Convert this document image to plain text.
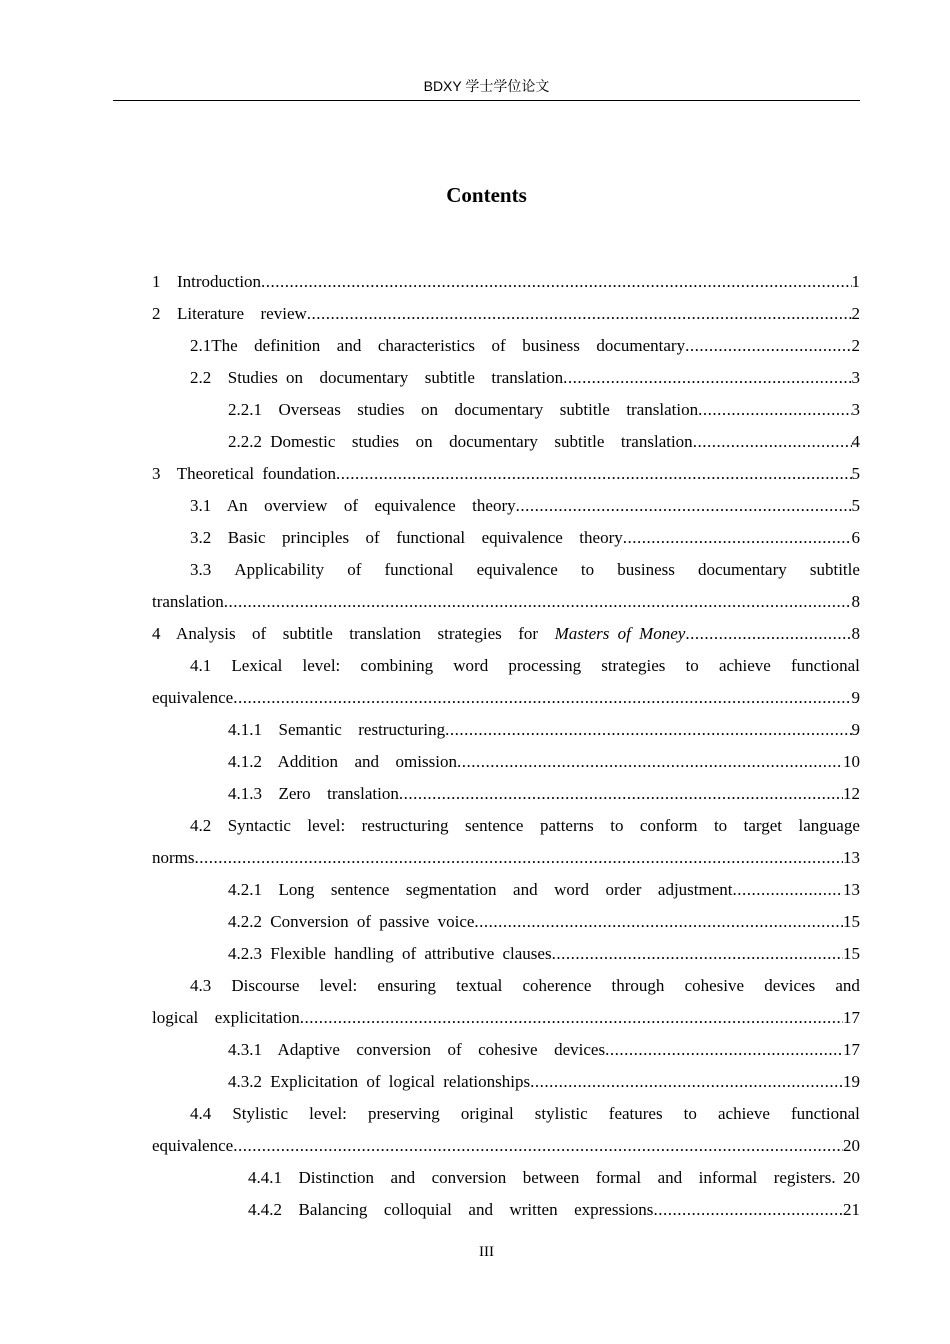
BDXY 学士学位论文
Contents
1  Introduction .....	1
2  Literature  review .....	2
2.1The  definition  and  characteristics  of  business  documentary .....	2
2.2  Studies on  documentary  subtitle  translation .....	3
2.2.1  Overseas  studies  on  documentary  subtitle  translation .....	3
2.2.2 Domestic  studies  on  documentary  subtitle  translation .....	4
3  Theoretical foundation .....	5
3.1  An  overview  of  equivalence  theory .....	5
3.2  Basic  principles  of  functional  equivalence  theory .....	6
3.3 Applicability of functional equivalence to business documentary subtitle
translation .....	8
4  Analysis  of  subtitle  translation  strategies  for  Masters of Money .....	8
4.1 Lexical level: combining word processing strategies to achieve functional
equivalence .....	9
4.1.1  Semantic  restructuring .....	9
4.1.2  Addition  and  omission .....	10
4.1.3  Zero  translation .....	12
4.2 Syntactic level: restructuring sentence patterns to conform to target language
norms .....	13
4.2.1  Long  sentence  segmentation  and  word  order  adjustment .....	13
4.2.2 Conversion of passive voice .....	15
4.2.3 Flexible handling of attributive clauses .....	15
4.3 Discourse level: ensuring textual coherence through cohesive devices and
logical  explicitation .....	17
4.3.1  Adaptive  conversion  of  cohesive  devices .....	17
4.3.2 Explicitation of logical relationships .....	19
4.4 Stylistic level: preserving original stylistic features to achieve functional
equivalence .....	20
4.4.1  Distinction  and  conversion  between  formal  and  informal  registers. 20
4.4.2  Balancing  colloquial  and  written  expressions .....	21
III
